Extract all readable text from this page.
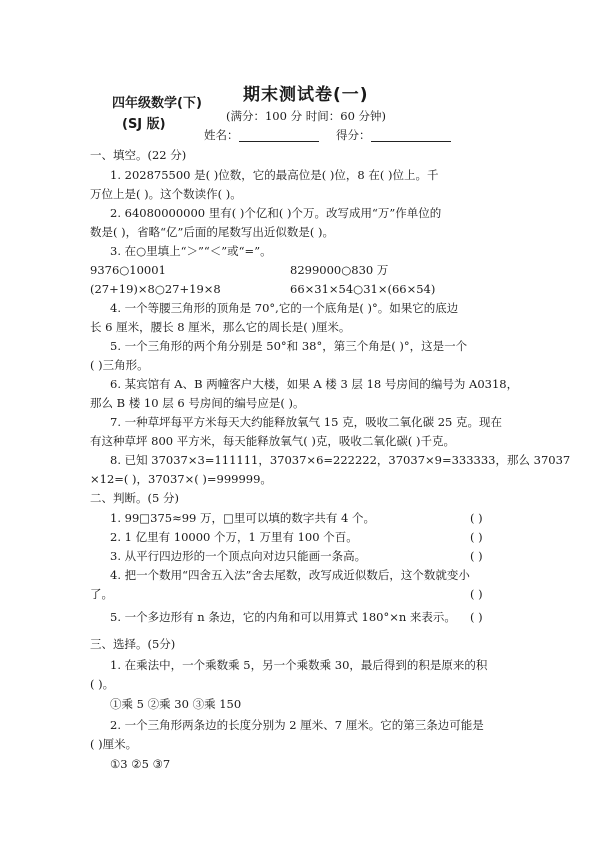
期末测试卷(一)
四年级数学(下)
(SJ 版)
(满分：100 分 时间：60 分钟)
姓名：	得分：
一、填空。(22 分)
1. 202875500 是( )位数，它的最高位是( )位，8 在( )位上。千
万位上是( )。这个数读作( )。
2. 64080000000 里有( )个亿和( )个万。改写成用“万”作单位的
数是( )，省略“亿”后面的尾数写出近似数是( )。
3. 在○里填上“＞”“＜”或“=”。
9376○10001	8299000○830 万
(27+19)×8○27+19×8	66×31×54○31×(66×54)
4. 一个等腰三角形的顶角是 70°,它的一个底角是( )°。如果它的底边
长 6 厘米，腰长 8 厘米，那么它的周长是( )厘米。
5. 一个三角形的两个角分别是 50°和 38°，第三个角是( )°，这是一个
( )三角形。
6. 某宾馆有 A、B 两幢客户大楼，如果 A 楼 3 层 18 号房间的编号为 A0318，
那么 B 楼 10 层 6 号房间的编号应是( )。
7. 一种草坪每平方米每天大约能释放氧气 15 克，吸收二氧化碳 25 克。现在
有这种草坪 800 平方米，每天能释放氧气( )克，吸收二氧化碳( )千克。
8. 已知 37037×3=111111，37037×6=222222，37037×9=333333，那么 37037
×12=( )，37037×( )=999999。
二、判断。(5 分)
1. 99□375≈99 万，□里可以填的数字共有 4 个。	( )
2. 1 亿里有 10000 个万，1 万里有 100 个百。	( )
3. 从平行四边形的一个顶点向对边只能画一条高。	( )
4. 把一个数用“四舍五入法”舍去尾数，改写成近似数后，这个数就变小
了。	( )
5. 一个多边形有 n 条边，它的内角和可以用算式 180°×n 来表示。 ( )
三、选择。(5分)
1. 在乘法中，一个乘数乘 5，另一个乘数乘 30，最后得到的积是原来的积
( )。
①乘 5 ②乘 30 ③乘 150
2. 一个三角形两条边的长度分别为 2 厘米、7 厘米。它的第三条边可能是
( )厘米。
①3 ②5 ③7
